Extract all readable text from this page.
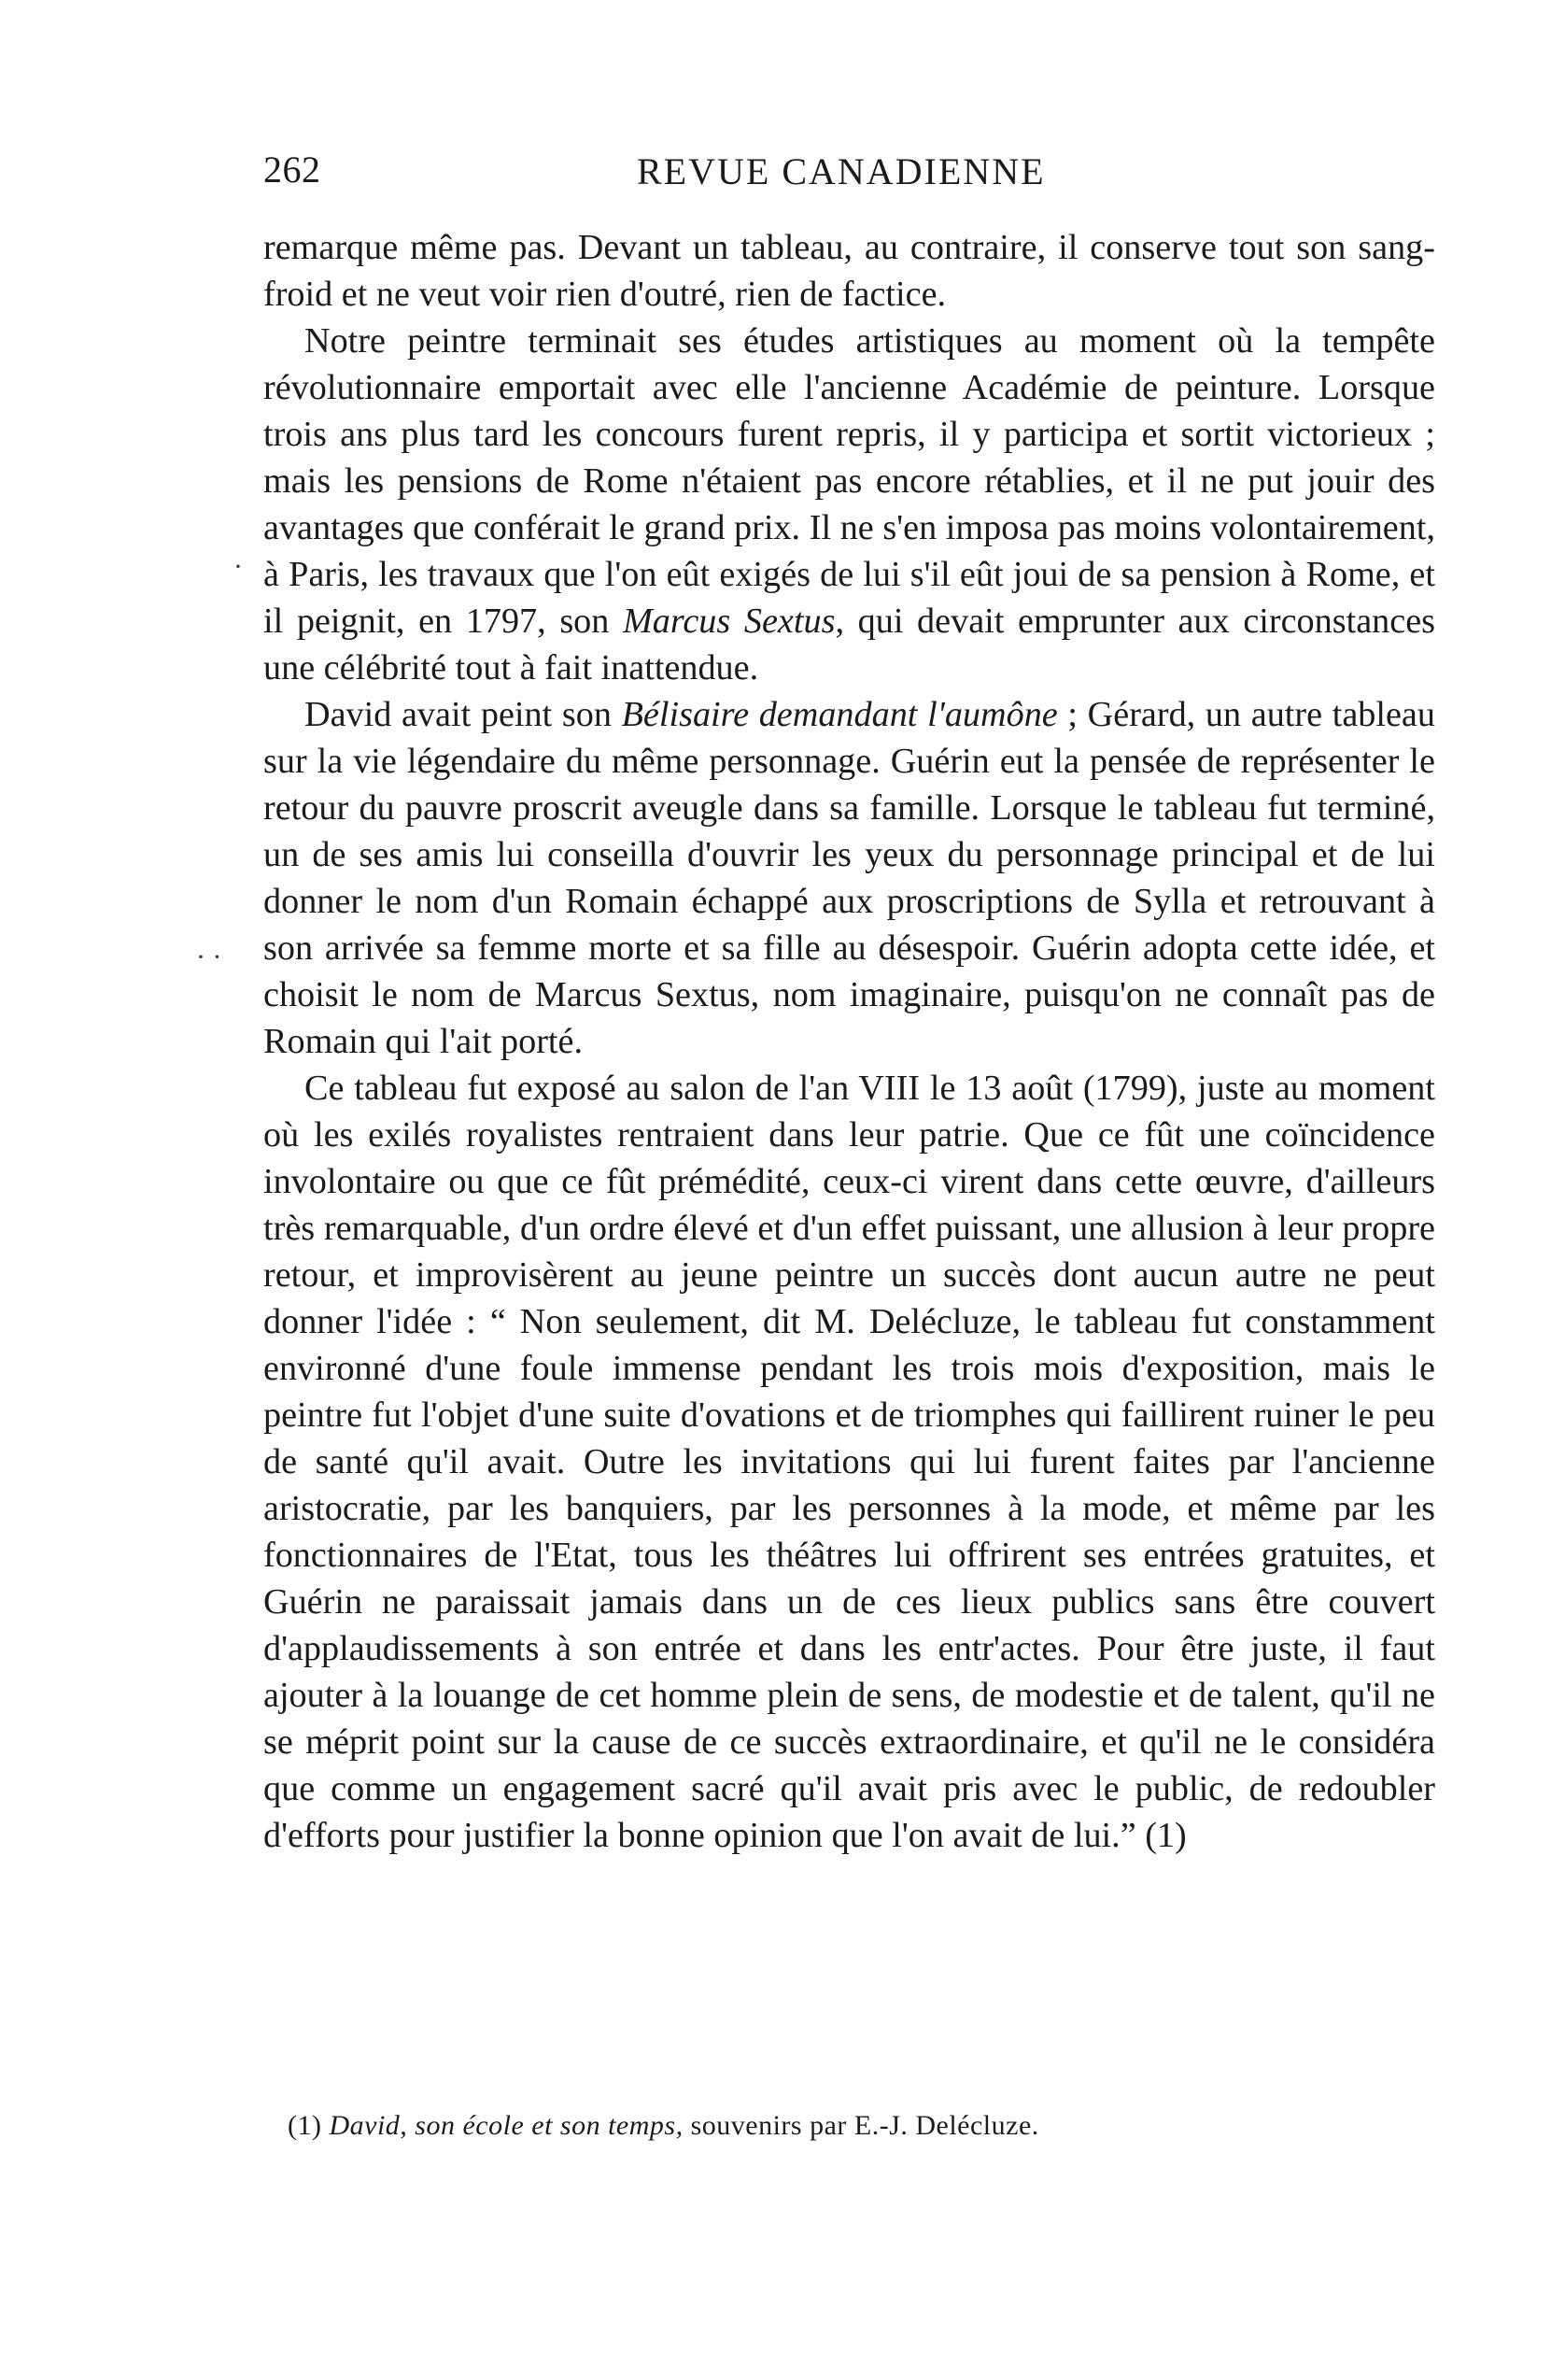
262	REVUE CANADIENNE

remarque même pas. Devant un tableau, au contraire, il conserve tout son sang-froid et ne veut voir rien d'outré, rien de factice.

Notre peintre terminait ses études artistiques au moment où la tempête révolutionnaire emportait avec elle l'ancienne Académie de peinture. Lorsque trois ans plus tard les concours furent repris, il y participa et sortit victorieux ; mais les pensions de Rome n'étaient pas encore rétablies, et il ne put jouir des avantages que conférait le grand prix. Il ne s'en imposa pas moins volontairement, à Paris, les travaux que l'on eût exigés de lui s'il eût joui de sa pension à Rome, et il peignit, en 1797, son Marcus Sextus, qui devait emprunter aux circonstances une célébrité tout à fait inattendue.

David avait peint son Bélisaire demandant l'aumône ; Gérard, un autre tableau sur la vie légendaire du même personnage. Guérin eut la pensée de représenter le retour du pauvre proscrit aveugle dans sa famille. Lorsque le tableau fut terminé, un de ses amis lui conseilla d'ouvrir les yeux du personnage principal et de lui donner le nom d'un Romain échappé aux proscriptions de Sylla et retrouvant à son arrivée sa femme morte et sa fille au désespoir. Guérin adopta cette idée, et choisit le nom de Marcus Sextus, nom imaginaire, puisqu'on ne connaît pas de Romain qui l'ait porté.

Ce tableau fut exposé au salon de l'an VIII le 13 août (1799), juste au moment où les exilés royalistes rentraient dans leur patrie. Que ce fût une coïncidence involontaire ou que ce fût prémédité, ceux-ci virent dans cette œuvre, d'ailleurs très remarquable, d'un ordre élevé et d'un effet puissant, une allusion à leur propre retour, et improvisèrent au jeune peintre un succès dont aucun autre ne peut donner l'idée : “ Non seulement, dit M. Delécluze, le tableau fut constamment environné d'une foule immense pendant les trois mois d'exposition, mais le peintre fut l'objet d'une suite d'ovations et de triomphes qui faillirent ruiner le peu de santé qu'il avait. Outre les invitations qui lui furent faites par l'ancienne aristocratie, par les banquiers, par les personnes à la mode, et même par les fonctionnaires de l'Etat, tous les théâtres lui offrirent ses entrées gratuites, et Guérin ne paraissait jamais dans un de ces lieux publics sans être couvert d'applaudissements à son entrée et dans les entr'actes. Pour être juste, il faut ajouter à la louange de cet homme plein de sens, de modestie et de talent, qu'il ne se méprit point sur la cause de ce succès extraordinaire, et qu'il ne le considéra que comme un engagement sacré qu'il avait pris avec le public, de redoubler d'efforts pour justifier la bonne opinion que l'on avait de lui.” (1)

(1) David, son école et son temps, souvenirs par E.-J. Delécluze.
·
· ·
